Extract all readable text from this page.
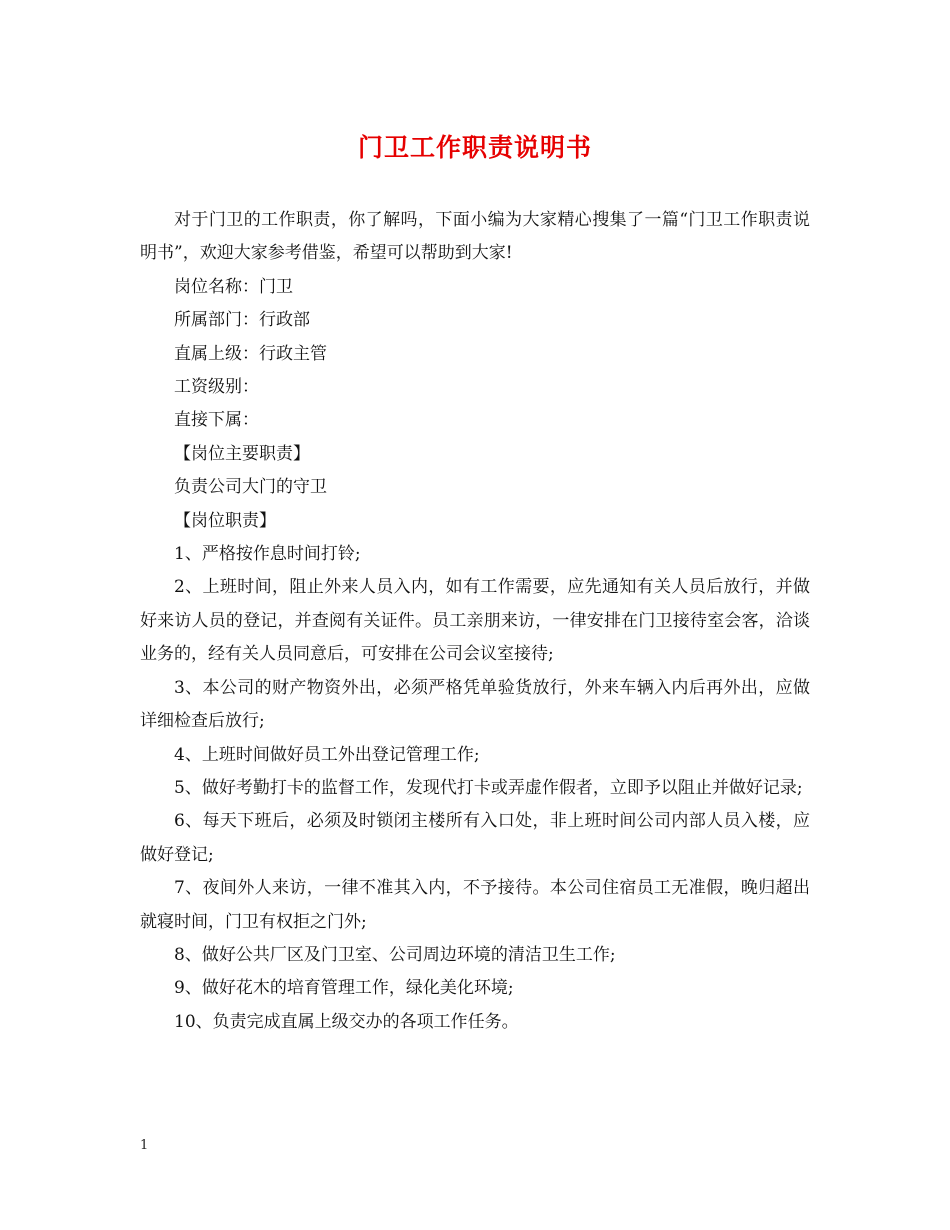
门卫工作职责说明书

对于门卫的工作职责，你了解吗，下面小编为大家精心搜集了一篇“门卫工作职责说明书”，欢迎大家参考借鉴，希望可以帮助到大家!

岗位名称：门卫

所属部门：行政部

直属上级：行政主管

工资级别：

直接下属：

【岗位主要职责】

负责公司大门的守卫

【岗位职责】

1、严格按作息时间打铃;

2、上班时间，阻止外来人员入内，如有工作需要，应先通知有关人员后放行，并做好来访人员的登记，并查阅有关证件。员工亲朋来访，一律安排在门卫接待室会客，洽谈业务的，经有关人员同意后，可安排在公司会议室接待;

3、本公司的财产物资外出，必须严格凭单验货放行，外来车辆入内后再外出，应做详细检查后放行;

4、上班时间做好员工外出登记管理工作;

5、做好考勤打卡的监督工作，发现代打卡或弄虚作假者，立即予以阻止并做好记录;

6、每天下班后，必须及时锁闭主楼所有入口处，非上班时间公司内部人员入楼，应做好登记;

7、夜间外人来访，一律不准其入内，不予接待。本公司住宿员工无准假，晚归超出就寝时间，门卫有权拒之门外;

8、做好公共厂区及门卫室、公司周边环境的清洁卫生工作;

9、做好花木的培育管理工作，绿化美化环境;

10、负责完成直属上级交办的各项工作任务。

1
